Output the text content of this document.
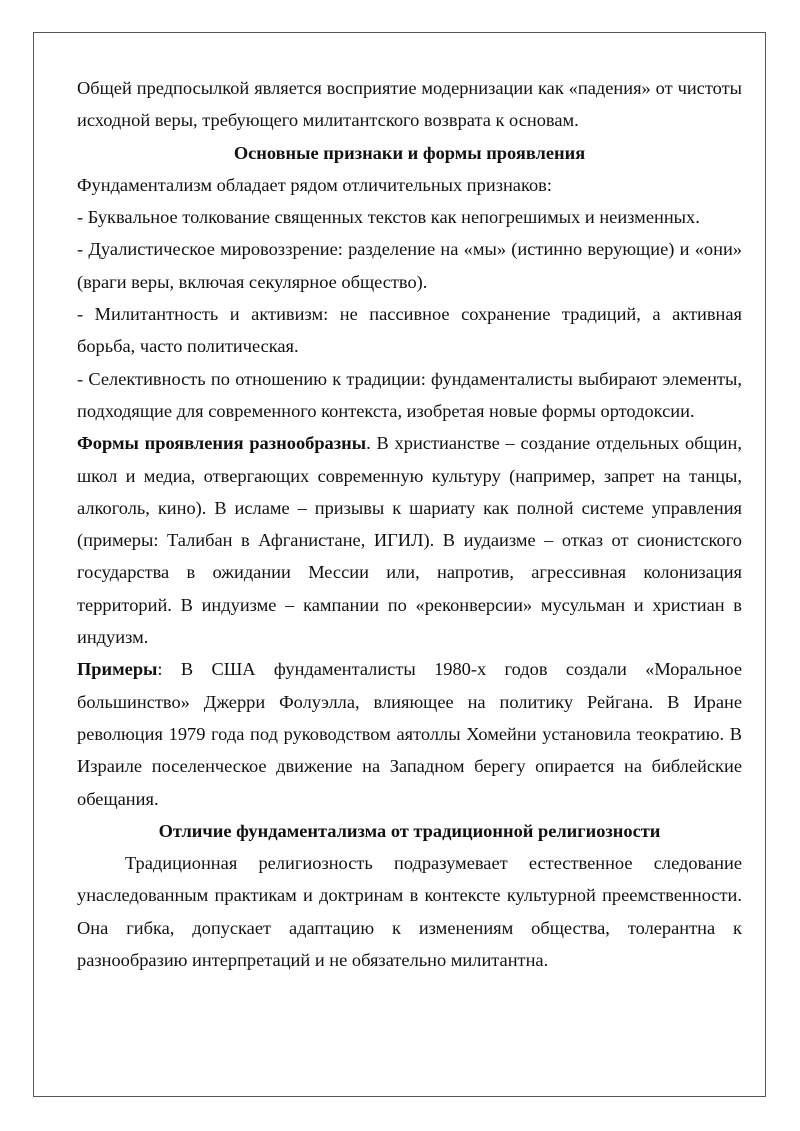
Общей предпосылкой является восприятие модернизации как «падения» от чистоты исходной веры, требующего милитантского возврата к основам.

Основные признаки и формы проявления

Фундаментализм обладает рядом отличительных признаков:

- Буквальное толкование священных текстов как непогрешимых и неизменных.

- Дуалистическое мировоззрение: разделение на «мы» (истинно верующие) и «они» (враги веры, включая секулярное общество).

- Милитантность и активизм: не пассивное сохранение традиций, а активная борьба, часто политическая.

- Селективность по отношению к традиции: фундаменталисты выбирают элементы, подходящие для современного контекста, изобретая новые формы ортодоксии.

Формы проявления разнообразны. В христианстве – создание отдельных общин, школ и медиа, отвергающих современную культуру (например, запрет на танцы, алкоголь, кино). В исламе – призывы к шариату как полной системе управления (примеры: Талибан в Афганистане, ИГИЛ). В иудаизме – отказ от сионистского государства в ожидании Мессии или, напротив, агрессивная колонизация территорий. В индуизме – кампании по «реконверсии» мусульман и христиан в индуизм.

Примеры: В США фундаменталисты 1980-х годов создали «Моральное большинство» Джерри Фолуэлла, влияющее на политику Рейгана. В Иране революция 1979 года под руководством аятоллы Хомейни установила теократию. В Израиле поселенческое движение на Западном берегу опирается на библейские обещания.

Отличие фундаментализма от традиционной религиозности

Традиционная религиозность подразумевает естественное следование унаследованным практикам и доктринам в контексте культурной преемственности. Она гибка, допускает адаптацию к изменениям общества, толерантна к разнообразию интерпретаций и не обязательно милитантна.
